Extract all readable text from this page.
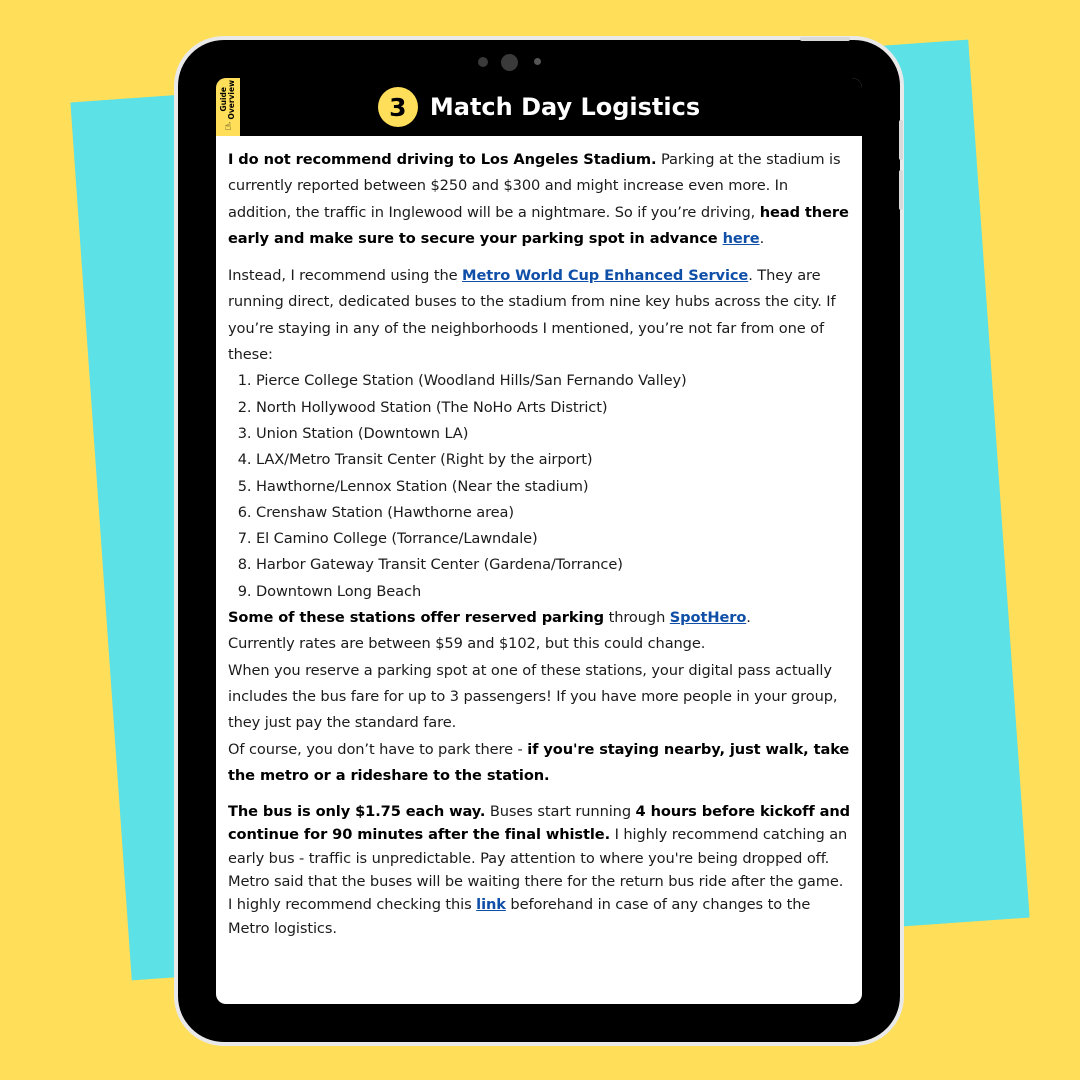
Guide
Overview
☝
3 Match Day Logistics

I do not recommend driving to Los Angeles Stadium. Parking at the stadium is currently reported between $250 and $300 and might increase even more. In addition, the traffic in Inglewood will be a nightmare. So if you’re driving, head there early and make sure to secure your parking spot in advance here.

Instead, I recommend using the Metro World Cup Enhanced Service. They are running direct, dedicated buses to the stadium from nine key hubs across the city. If you’re staying in any of the neighborhoods I mentioned, you’re not far from one of these:

1. Pierce College Station (Woodland Hills/San Fernando Valley)
2. North Hollywood Station (The NoHo Arts District)
3. Union Station (Downtown LA)
4. LAX/Metro Transit Center (Right by the airport)
5. Hawthorne/Lennox Station (Near the stadium)
6. Crenshaw Station (Hawthorne area)
7. El Camino College (Torrance/Lawndale)
8. Harbor Gateway Transit Center (Gardena/Torrance)
9. Downtown Long Beach

Some of these stations offer reserved parking through SpotHero.

Currently rates are between $59 and $102, but this could change.

When you reserve a parking spot at one of these stations, your digital pass actually includes the bus fare for up to 3 passengers! If you have more people in your group, they just pay the standard fare.

Of course, you don’t have to park there - if you're staying nearby, just walk, take the metro or a rideshare to the station.

The bus is only $1.75 each way. Buses start running 4 hours before kickoff and continue for 90 minutes after the final whistle. I highly recommend catching an early bus - traffic is unpredictable. Pay attention to where you're being dropped off. Metro said that the buses will be waiting there for the return bus ride after the game. I highly recommend checking this link beforehand in case of any changes to the Metro logistics.
